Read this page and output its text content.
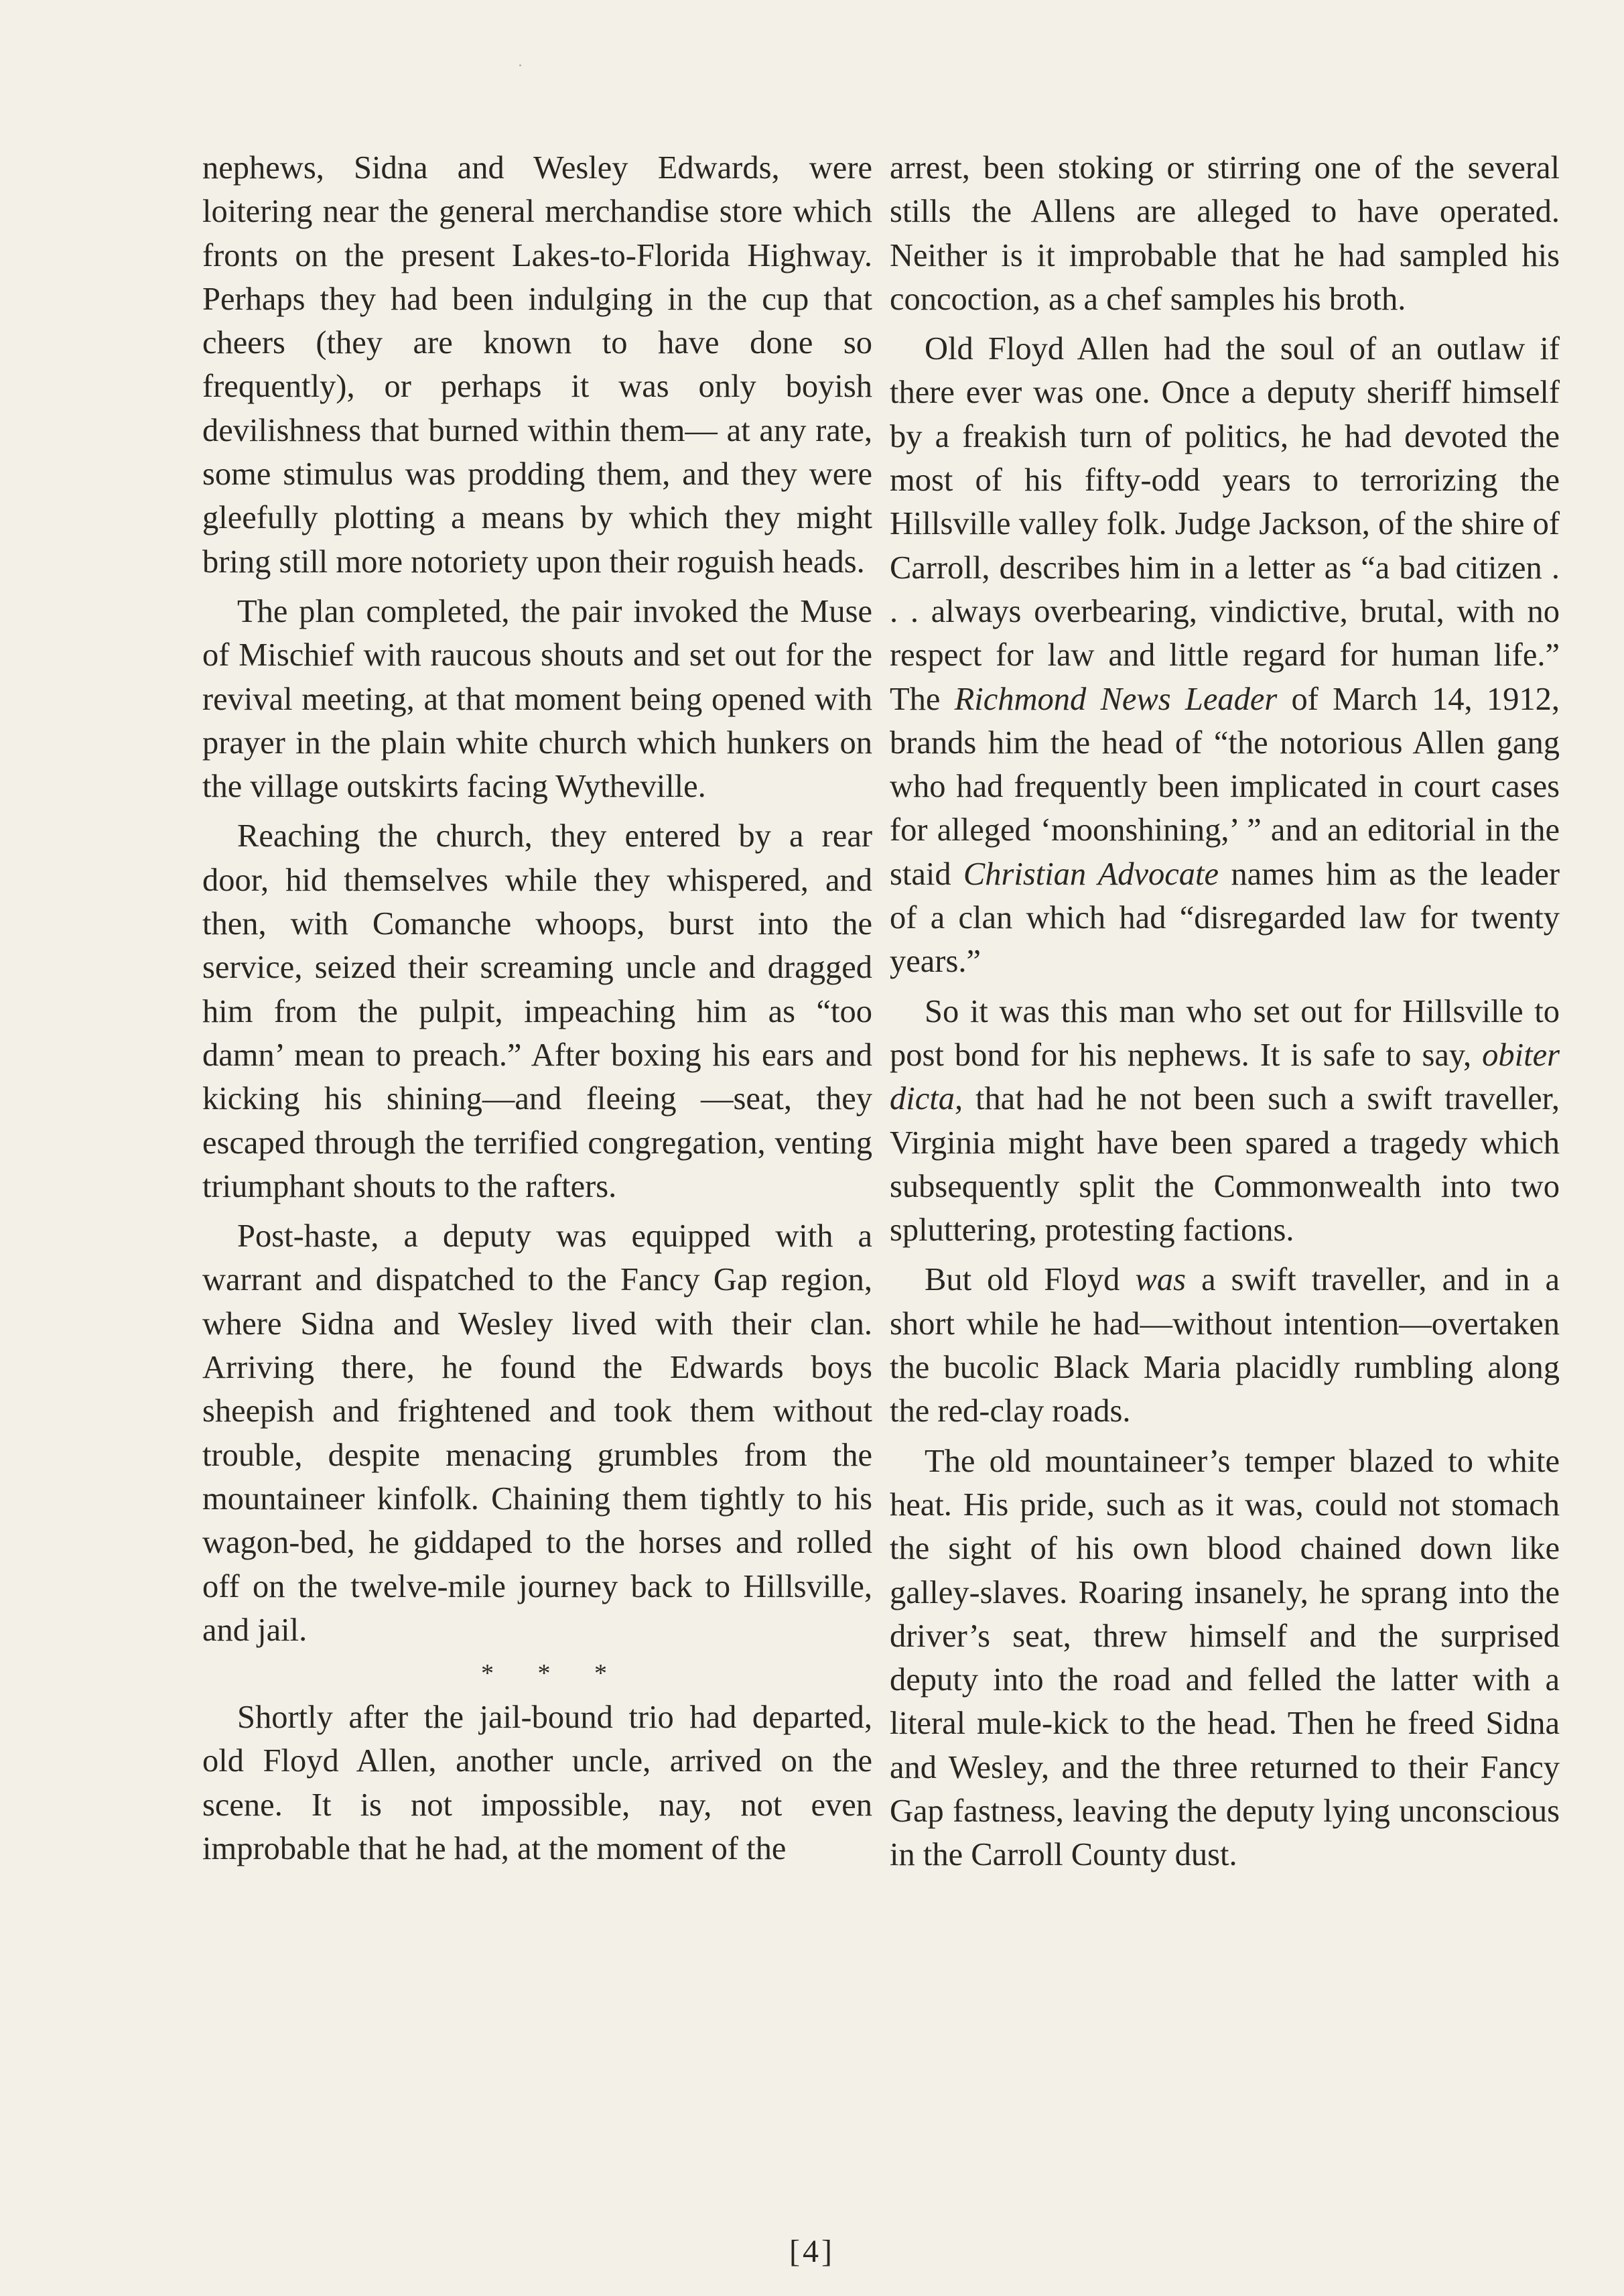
nephews, Sidna and Wesley Edwards, were loitering near the general merchandise store which fronts on the present Lakes-to-Florida Highway. Perhaps they had been indulging in the cup that cheers (they are known to have done so frequently), or perhaps it was only boyish devilishness that burned within them— at any rate, some stimulus was prodding them, and they were gleefully plotting a means by which they might bring still more notoriety upon their roguish heads.

The plan completed, the pair invoked the Muse of Mischief with raucous shouts and set out for the revival meeting, at that moment being opened with prayer in the plain white church which hunkers on the village outskirts facing Wytheville.

Reaching the church, they entered by a rear door, hid themselves while they whispered, and then, with Comanche whoops, burst into the service, seized their screaming uncle and dragged him from the pulpit, impeaching him as “too damn’ mean to preach.” After boxing his ears and kicking his shining—and fleeing —seat, they escaped through the terrified congregation, venting triumphant shouts to the rafters.

Post-haste, a deputy was equipped with a warrant and dispatched to the Fancy Gap region, where Sidna and Wesley lived with their clan. Arriving there, he found the Edwards boys sheepish and frightened and took them without trouble, despite menacing grumbles from the mountaineer kinfolk. Chaining them tightly to his wagon-bed, he giddaped to the horses and rolled off on the twelve-mile journey back to Hillsville, and jail.

* * *

Shortly after the jail-bound trio had departed, old Floyd Allen, another uncle, arrived on the scene. It is not impossible, nay, not even improbable that he had, at the moment of the

arrest, been stoking or stirring one of the several stills the Allens are alleged to have operated. Neither is it improbable that he had sampled his concoction, as a chef samples his broth.

Old Floyd Allen had the soul of an outlaw if there ever was one. Once a deputy sheriff himself by a freakish turn of politics, he had devoted the most of his fifty-odd years to terrorizing the Hillsville valley folk. Judge Jackson, of the shire of Carroll, describes him in a letter as “a bad citizen . . . always overbearing, vindictive, brutal, with no respect for law and little regard for human life.” The Richmond News Leader of March 14, 1912, brands him the head of “the notorious Allen gang who had frequently been implicated in court cases for alleged ‘moonshining,’ ” and an editorial in the staid Christian Advocate names him as the leader of a clan which had “disregarded law for twenty years.”

So it was this man who set out for Hillsville to post bond for his nephews. It is safe to say, obiter dicta, that had he not been such a swift traveller, Virginia might have been spared a tragedy which subsequently split the Commonwealth into two spluttering, protesting factions.

But old Floyd was a swift traveller, and in a short while he had—without intention—overtaken the bucolic Black Maria placidly rumbling along the red-clay roads.

The old mountaineer’s temper blazed to white heat. His pride, such as it was, could not stomach the sight of his own blood chained down like galley-slaves. Roaring insanely, he sprang into the driver’s seat, threw himself and the surprised deputy into the road and felled the latter with a literal mule-kick to the head. Then he freed Sidna and Wesley, and the three returned to their Fancy Gap fastness, leaving the deputy lying unconscious in the Carroll County dust.

[4]
